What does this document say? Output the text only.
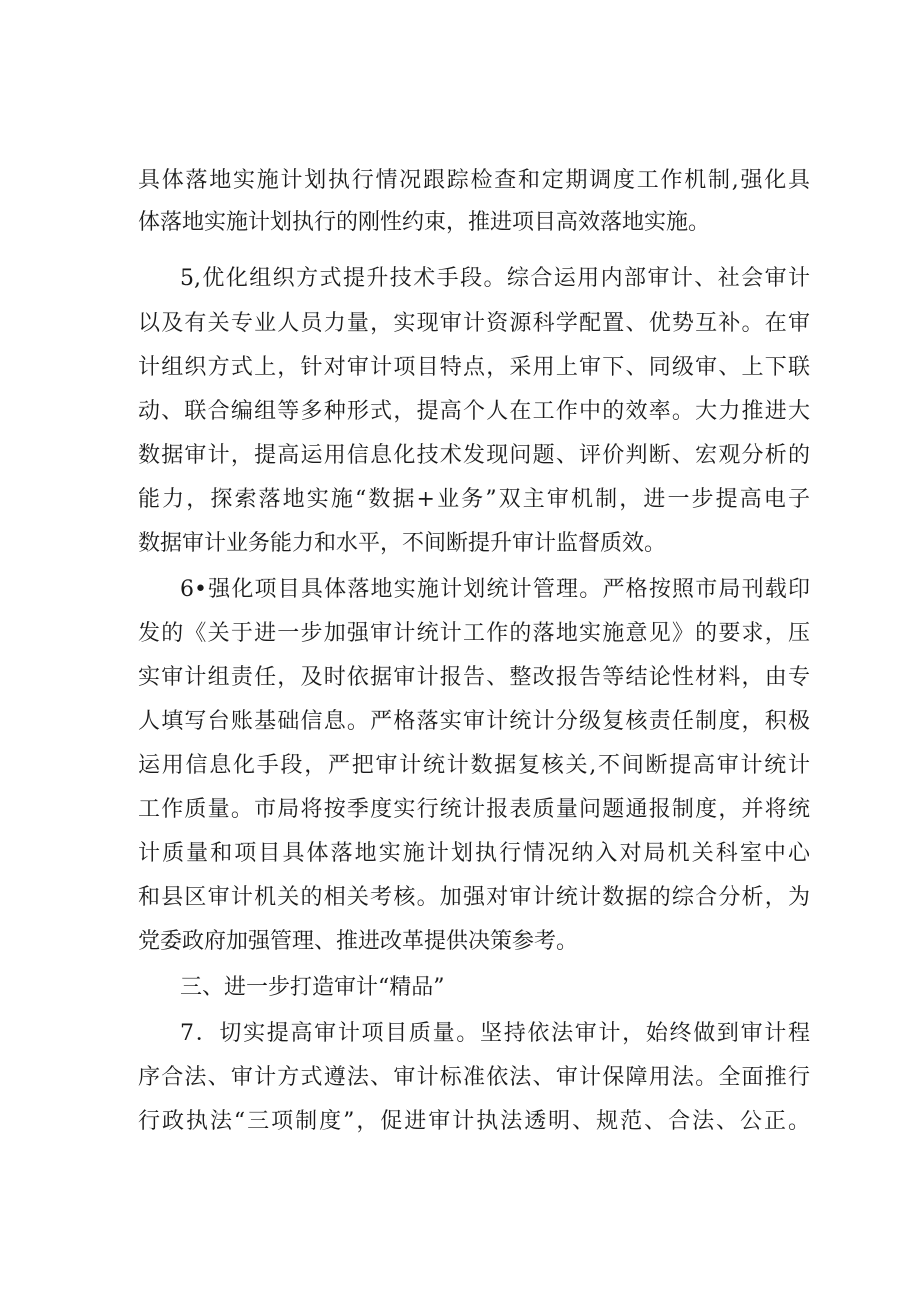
具体落地实施计划执行情况跟踪检查和定期调度工作机制,强化具
体落地实施计划执行的刚性约束，推进项目高效落地实施。
5,优化组织方式提升技术手段。综合运用内部审计、社会审计
以及有关专业人员力量，实现审计资源科学配置、优势互补。在审
计组织方式上，针对审计项目特点，采用上审下、同级审、上下联
动、联合编组等多种形式，提高个人在工作中的效率。大力推进大
数据审计，提高运用信息化技术发现问题、评价判断、宏观分析的
能力，探索落地实施“数据+业务”双主审机制，进一步提高电子
数据审计业务能力和水平，不间断提升审计监督质效。
6•强化项目具体落地实施计划统计管理。严格按照市局刊载印
发的《关于进一步加强审计统计工作的落地实施意见》的要求，压
实审计组责任，及时依据审计报告、整改报告等结论性材料，由专
人填写台账基础信息。严格落实审计统计分级复核责任制度，积极
运用信息化手段，严把审计统计数据复核关,不间断提高审计统计
工作质量。市局将按季度实行统计报表质量问题通报制度，并将统
计质量和项目具体落地实施计划执行情况纳入对局机关科室中心
和县区审计机关的相关考核。加强对审计统计数据的综合分析，为
党委政府加强管理、推进改革提供决策参考。
三、进一步打造审计“精品”
7．切实提高审计项目质量。坚持依法审计，始终做到审计程
序合法、审计方式遵法、审计标准依法、审计保障用法。全面推行
行政执法“三项制度”，促进审计执法透明、规范、合法、公正。
